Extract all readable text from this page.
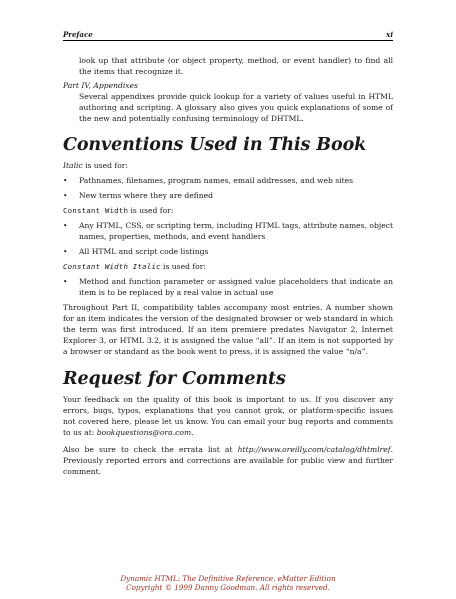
Preface	xi

look up that attribute (or object property, method, or event handler) to find all the items that recognize it.

Part IV, Appendixes

Several appendixes provide quick lookup for a variety of values useful in HTML authoring and scripting. A glossary also gives you quick explanations of some of the new and potentially confusing terminology of DHTML.

Conventions Used in This Book

Italic is used for:

• Pathnames, filenames, program names, email addresses, and web sites
• New terms where they are defined

Constant Width is used for:

• Any HTML, CSS, or scripting term, including HTML tags, attribute names, object names, properties, methods, and event handlers
• All HTML and script code listings

Constant Width Italic is used for:

• Method and function parameter or assigned value placeholders that indicate an item is to be replaced by a real value in actual use

Throughout Part II, compatibility tables accompany most entries. A number shown for an item indicates the version of the designated browser or web standard in which the term was first introduced. If an item premiere predates Navigator 2, Internet Explorer 3, or HTML 3.2, it is assigned the value “all”. If an item is not supported by a browser or standard as the book went to press, it is assigned the value “n/a”.

Request for Comments

Your feedback on the quality of this book is important to us. If you discover any errors, bugs, typos, explanations that you cannot grok, or platform-specific issues not covered here, please let us know. You can email your bug reports and comments to us at: bookquestions@ora.com.

Also be sure to check the errata list at http://www.oreilly.com/catalog/dhtmlref. Previously reported errors and corrections are available for public view and further comment.

Dynamic HTML: The Definitive Reference, eMatter Edition
Copyright © 1999 Danny Goodman. All rights reserved.
